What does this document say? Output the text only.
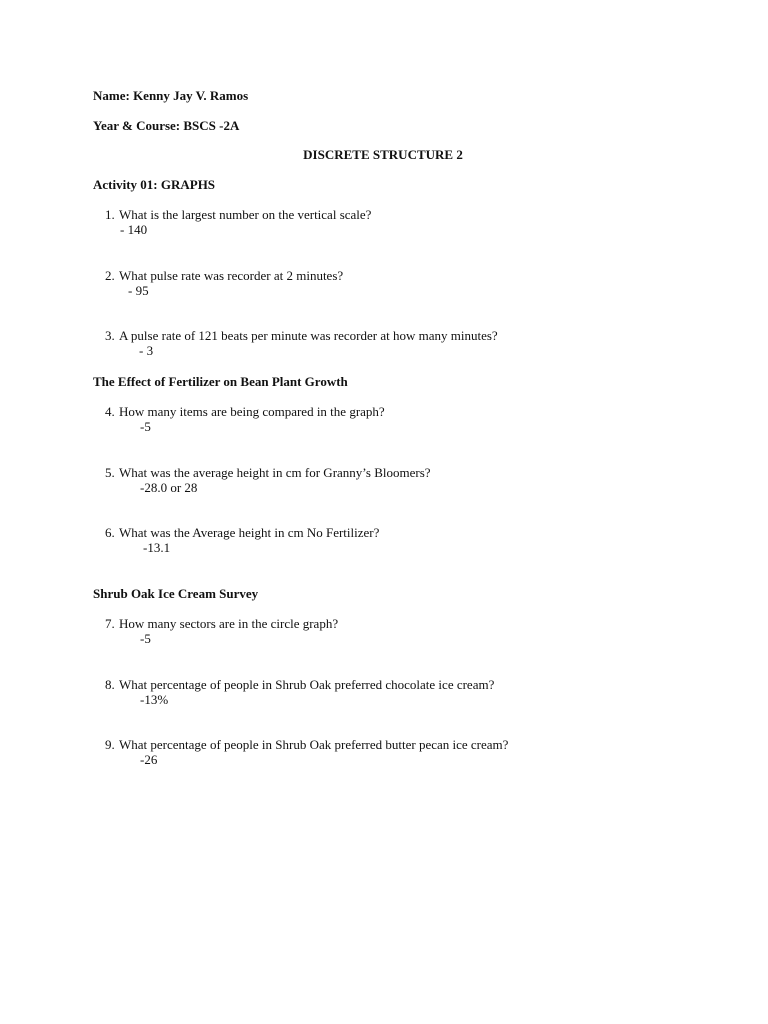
Name: Kenny Jay V. Ramos
Year & Course: BSCS -2A
DISCRETE STRUCTURE 2
Activity 01: GRAPHS
1. What is the largest number on the vertical scale?
- 140
2. What pulse rate was recorder at 2 minutes?
- 95
3. A pulse rate of 121 beats per minute was recorder at how many minutes?
- 3
The Effect of Fertilizer on Bean Plant Growth
4. How many items are being compared in the graph?
-5
5. What was the average height in cm for Granny’s Bloomers?
-28.0 or 28
6. What was the Average height in cm No Fertilizer?
-13.1
Shrub Oak Ice Cream Survey
7. How many sectors are in the circle graph?
-5
8. What percentage of people in Shrub Oak preferred chocolate ice cream?
-13%
9. What percentage of people in Shrub Oak preferred butter pecan ice cream?
-26
